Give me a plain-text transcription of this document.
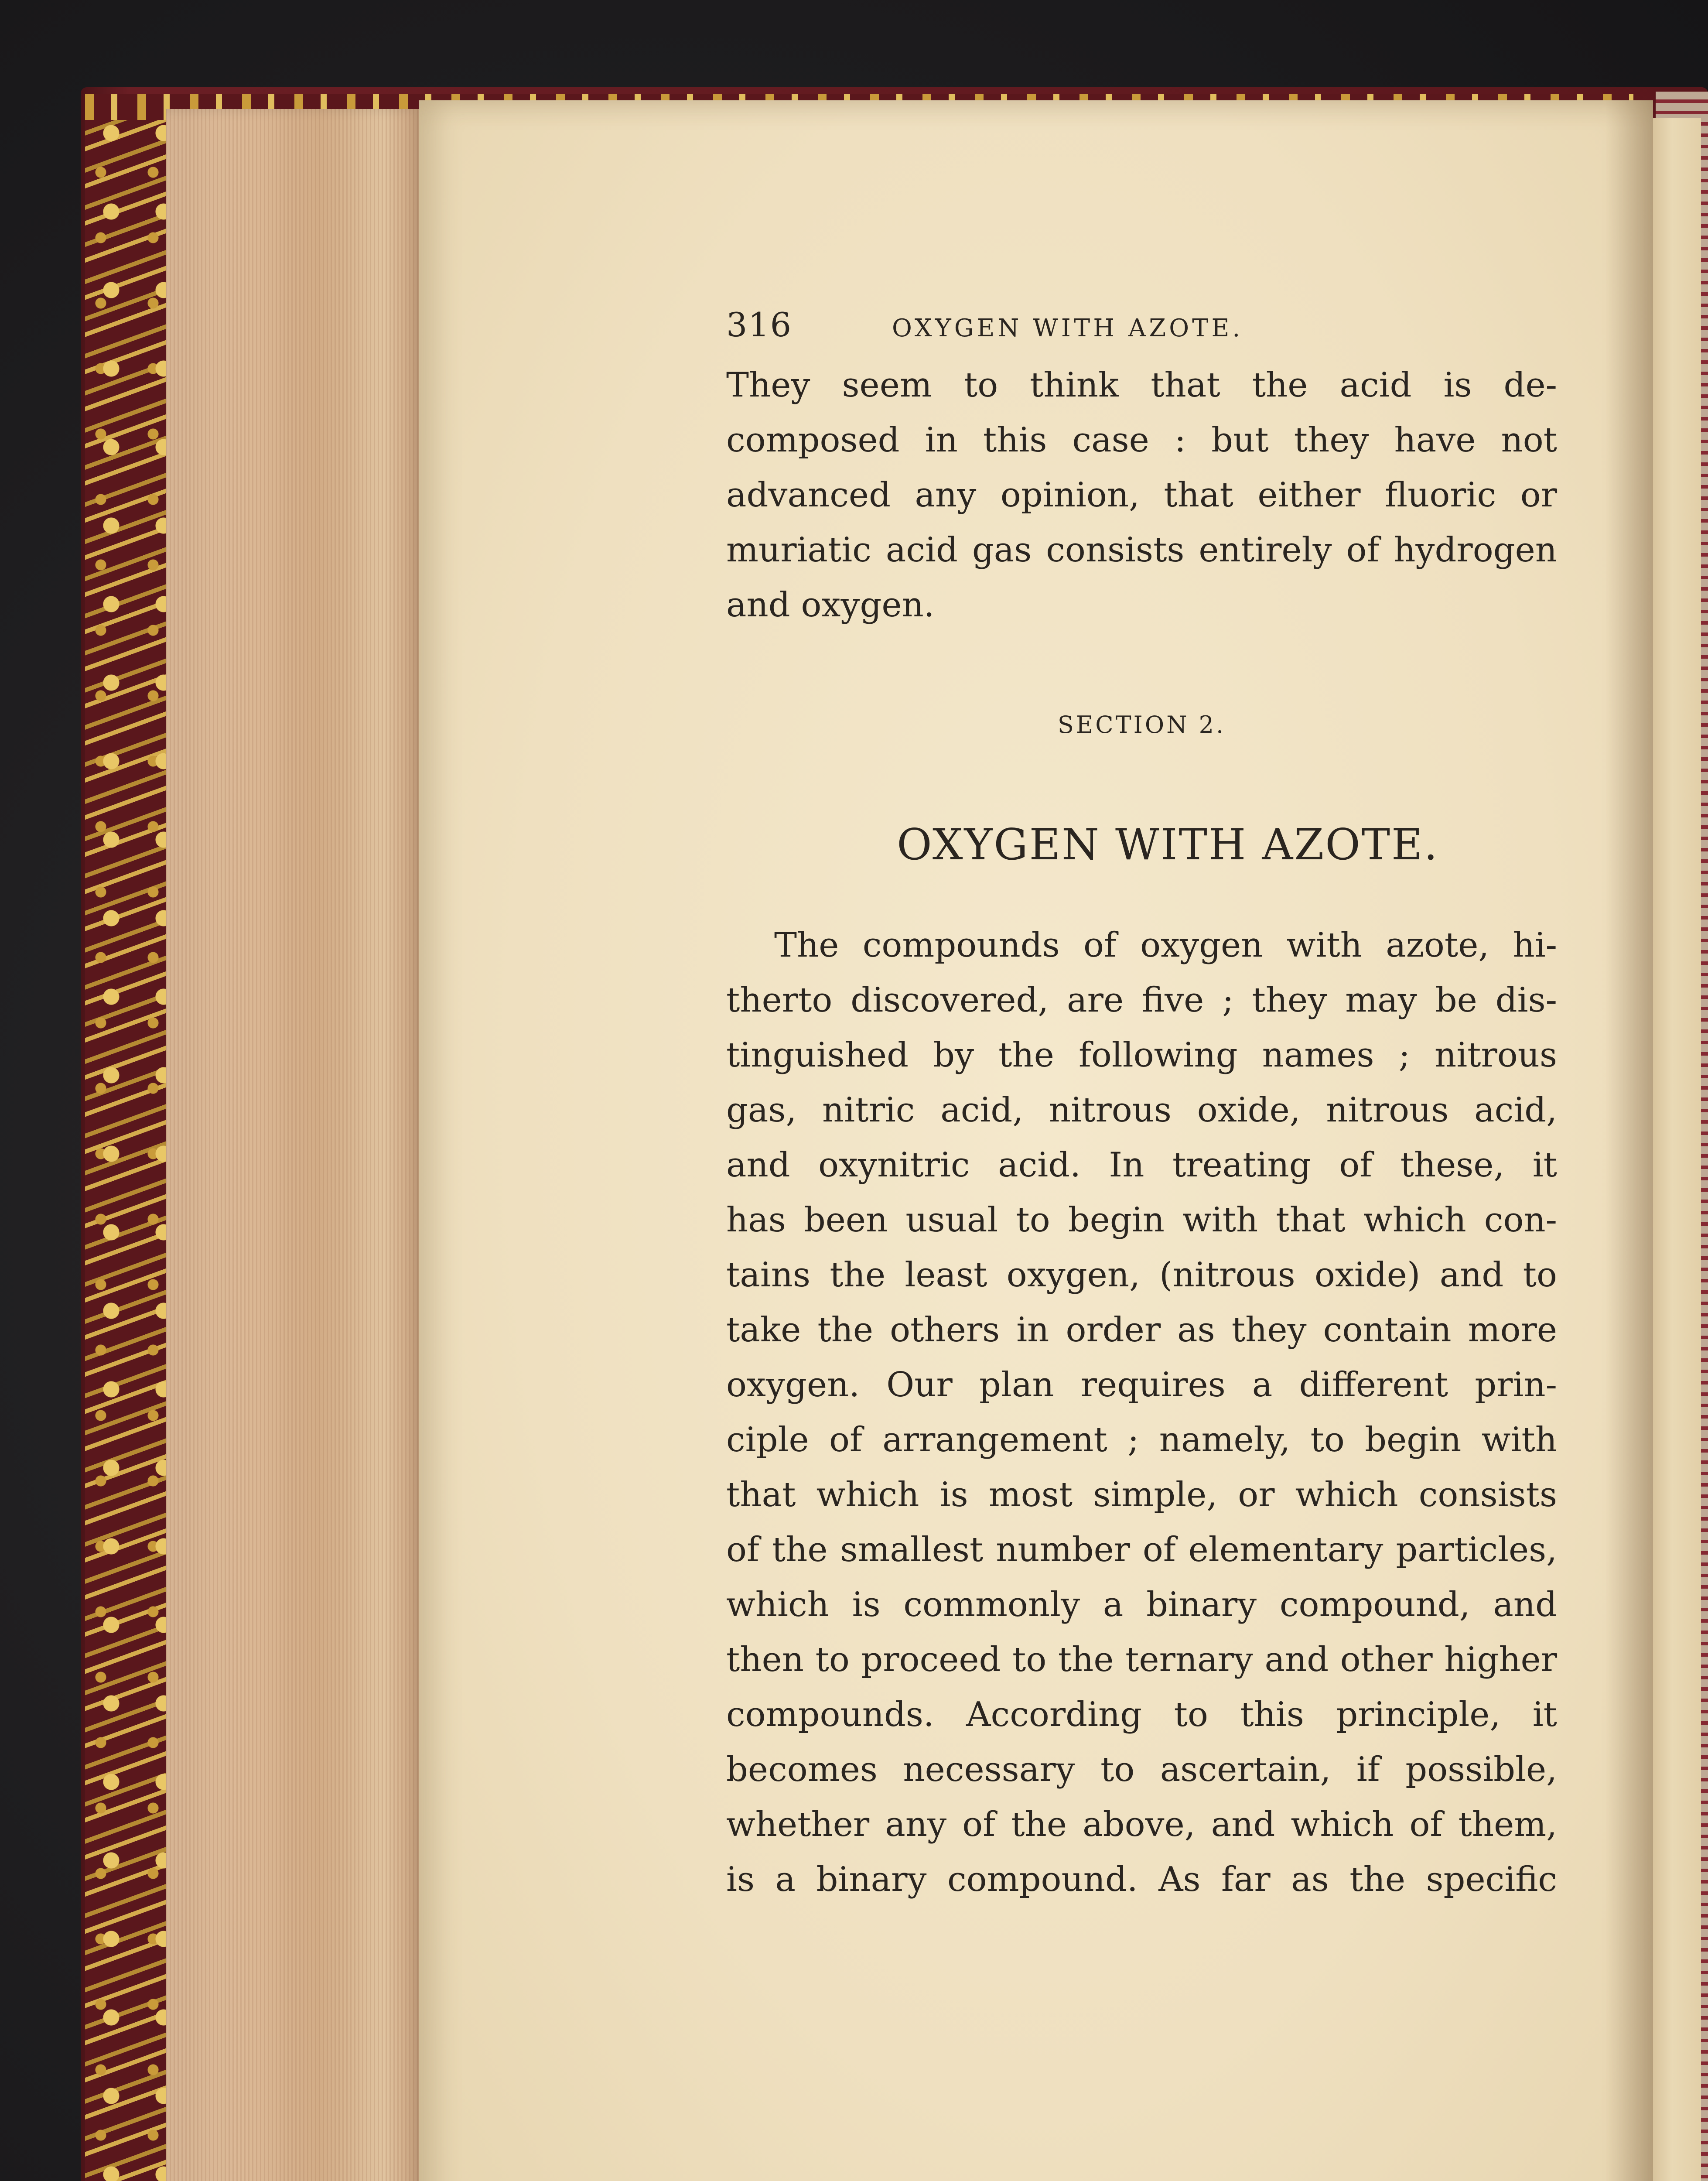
316	OXYGEN WITH AZOTE.
They seem to think that the acid is de-
composed in this case : but they have not
advanced any opinion, that either fluoric or
muriatic acid gas consists entirely of hydrogen
and oxygen.
SECTION 2.
OXYGEN WITH AZOTE.
The compounds of oxygen with azote, hi-
therto discovered, are five ; they may be dis-
tinguished by the following names ; nitrous
gas, nitric acid, nitrous oxide, nitrous acid,
and oxynitric acid. In treating of these, it
has been usual to begin with that which con-
tains the least oxygen, (nitrous oxide) and to
take the others in order as they contain more
oxygen. Our plan requires a different prin-
ciple of arrangement ; namely, to begin with
that which is most simple, or which consists
of the smallest number of elementary particles,
which is commonly a binary compound, and
then to proceed to the ternary and other higher
compounds. According to this principle, it
becomes necessary to ascertain, if possible,
whether any of the above, and which of them,
is a binary compound. As far as the specific
